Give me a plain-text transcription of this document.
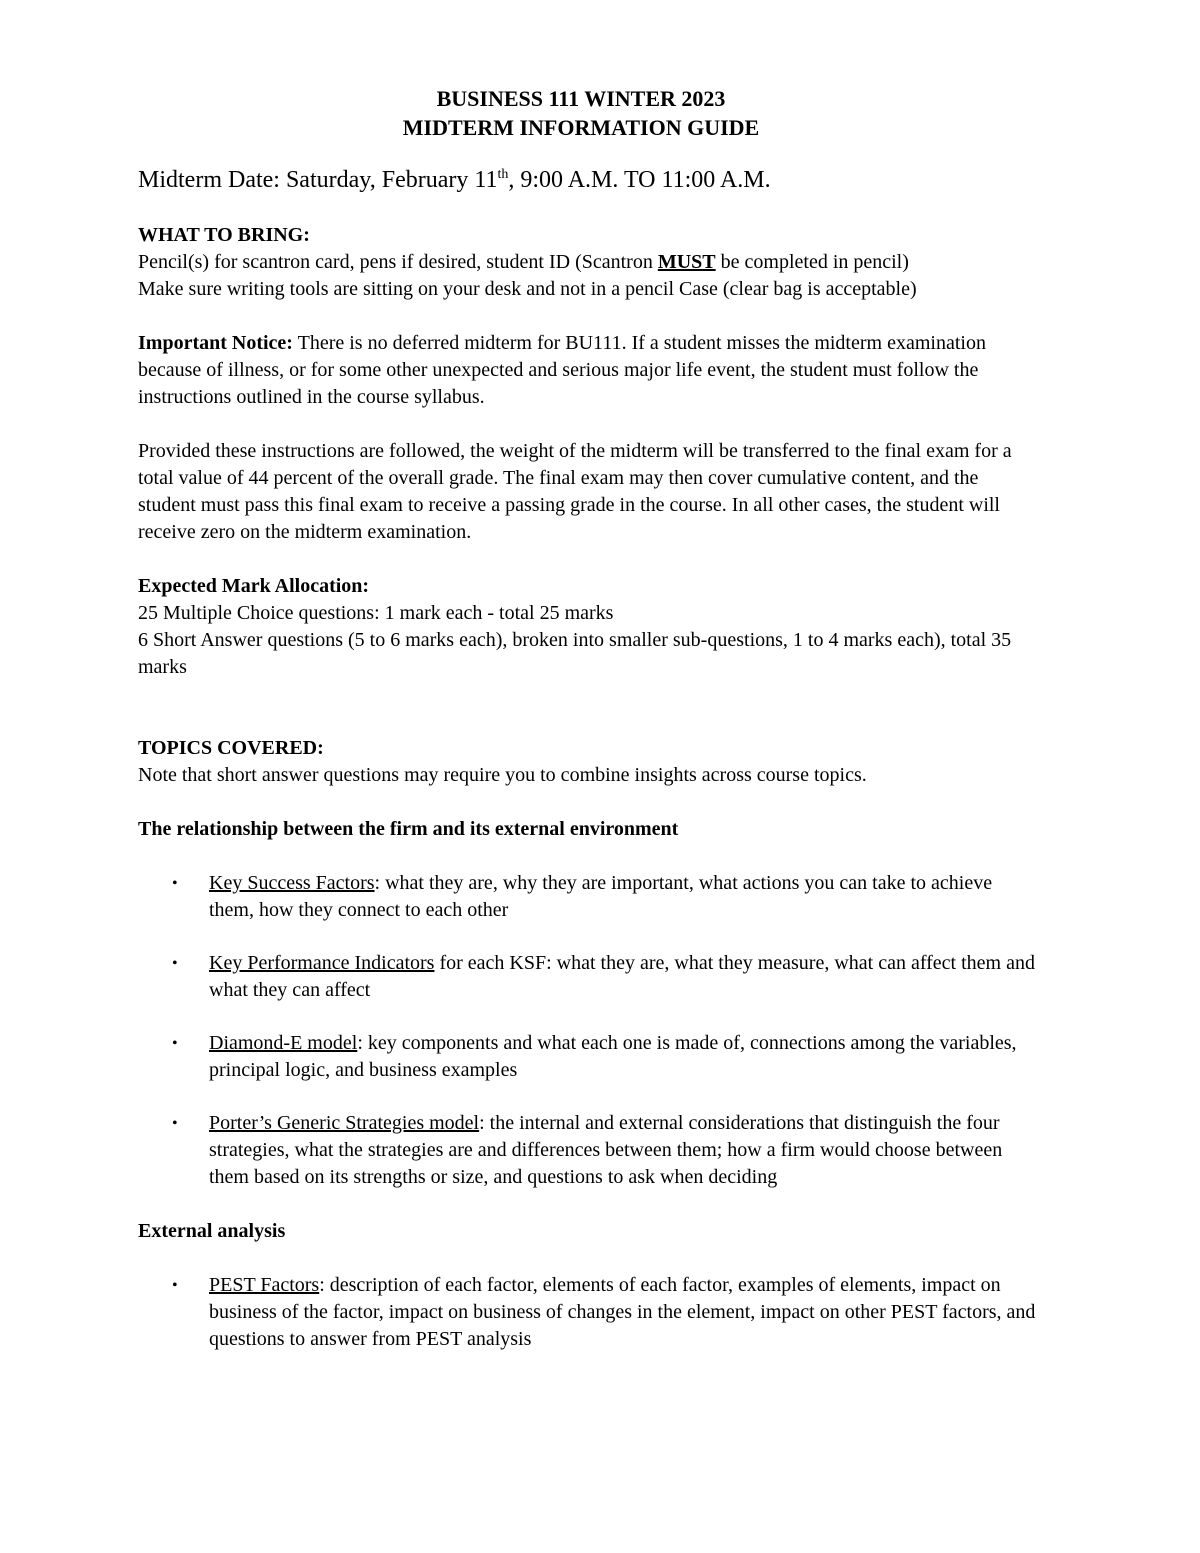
BUSINESS 111 WINTER 2023
MIDTERM INFORMATION GUIDE
Midterm Date: Saturday, February 11th, 9:00 A.M. TO 11:00 A.M.

WHAT TO BRING:

Pencil(s) for scantron card, pens if desired, student ID (Scantron MUST be completed in pencil)

Make sure writing tools are sitting on your desk and not in a pencil Case (clear bag is acceptable)

Important Notice: There is no deferred midterm for BU111. If a student misses the midterm examination because of illness, or for some other unexpected and serious major life event, the student must follow the instructions outlined in the course syllabus.

Provided these instructions are followed, the weight of the midterm will be transferred to the final exam for a total value of 44 percent of the overall grade. The final exam may then cover cumulative content, and the student must pass this final exam to receive a passing grade in the course. In all other cases, the student will receive zero on the midterm examination.

Expected Mark Allocation:

25 Multiple Choice questions: 1 mark each - total 25 marks

6 Short Answer questions (5 to 6 marks each), broken into smaller sub-questions, 1 to 4 marks each), total 35 marks

TOPICS COVERED:

Note that short answer questions may require you to combine insights across course topics.

The relationship between the firm and its external environment

• Key Success Factors: what they are, why they are important, what actions you can take to achieve them, how they connect to each other
• Key Performance Indicators for each KSF: what they are, what they measure, what can affect them and what they can affect
• Diamond-E model: key components and what each one is made of, connections among the variables, principal logic, and business examples
• Porter’s Generic Strategies model: the internal and external considerations that distinguish the four strategies, what the strategies are and differences between them; how a firm would choose between them based on its strengths or size, and questions to ask when deciding

External analysis

• PEST Factors: description of each factor, elements of each factor, examples of elements, impact on business of the factor, impact on business of changes in the element, impact on other PEST factors, and questions to answer from PEST analysis
